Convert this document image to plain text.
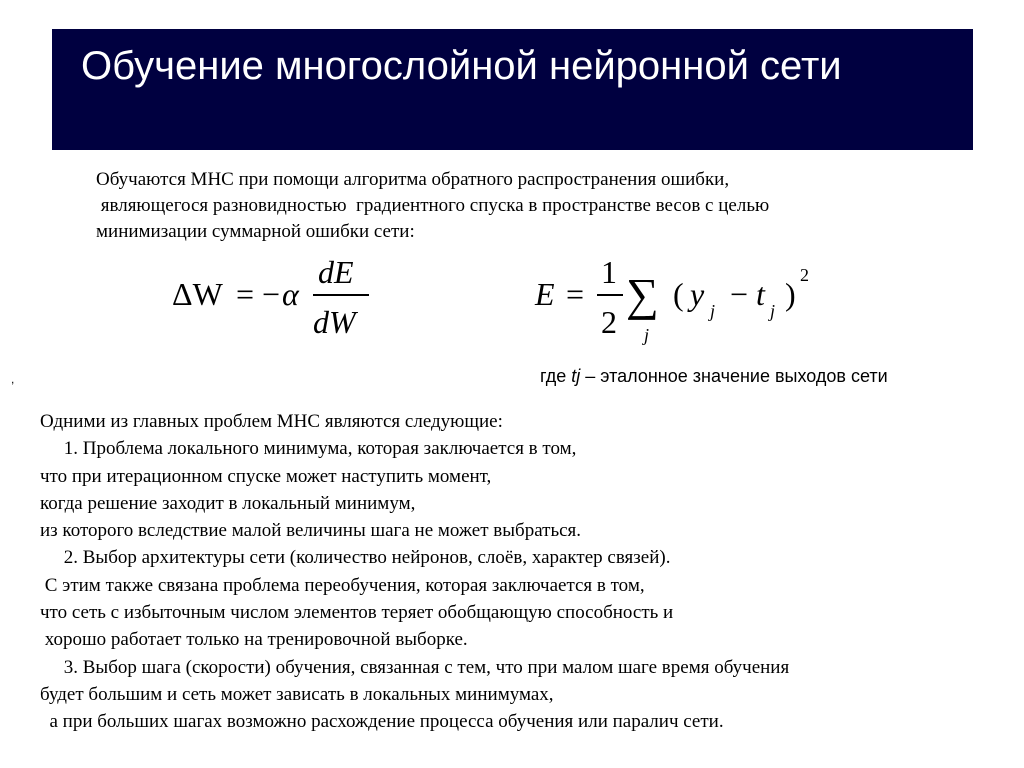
Обучение многослойной нейронной сети
Обучаются МНС при помощи алгоритма обратного распространения ошибки,
являющегося разновидностью  градиентного спуска в пространстве весов с целью
минимизации суммарной ошибки сети:
ΔW = − α
dE
dW
E =
1
2
∑
j
( y j − t j )
2
,	где tj – эталонное значение выходов сети
Одними из главных проблем МНС являются следующие:
1. Проблема локального минимума, которая заключается в том,
что при итерационном спуске может наступить момент,
когда решение заходит в локальный минимум,
из которого вследствие малой величины шага не может выбраться.
2. Выбор архитектуры сети (количество нейронов, слоёв, характер связей).
С этим также связана проблема переобучения, которая заключается в том,
что сеть с избыточным числом элементов теряет обобщающую способность и
хорошо работает только на тренировочной выборке.
3. Выбор шага (скорости) обучения, связанная с тем, что при малом шаге время обучения
будет большим и сеть может зависать в локальных минимумах,
а при больших шагах возможно расхождение процесса обучения или паралич сети.
